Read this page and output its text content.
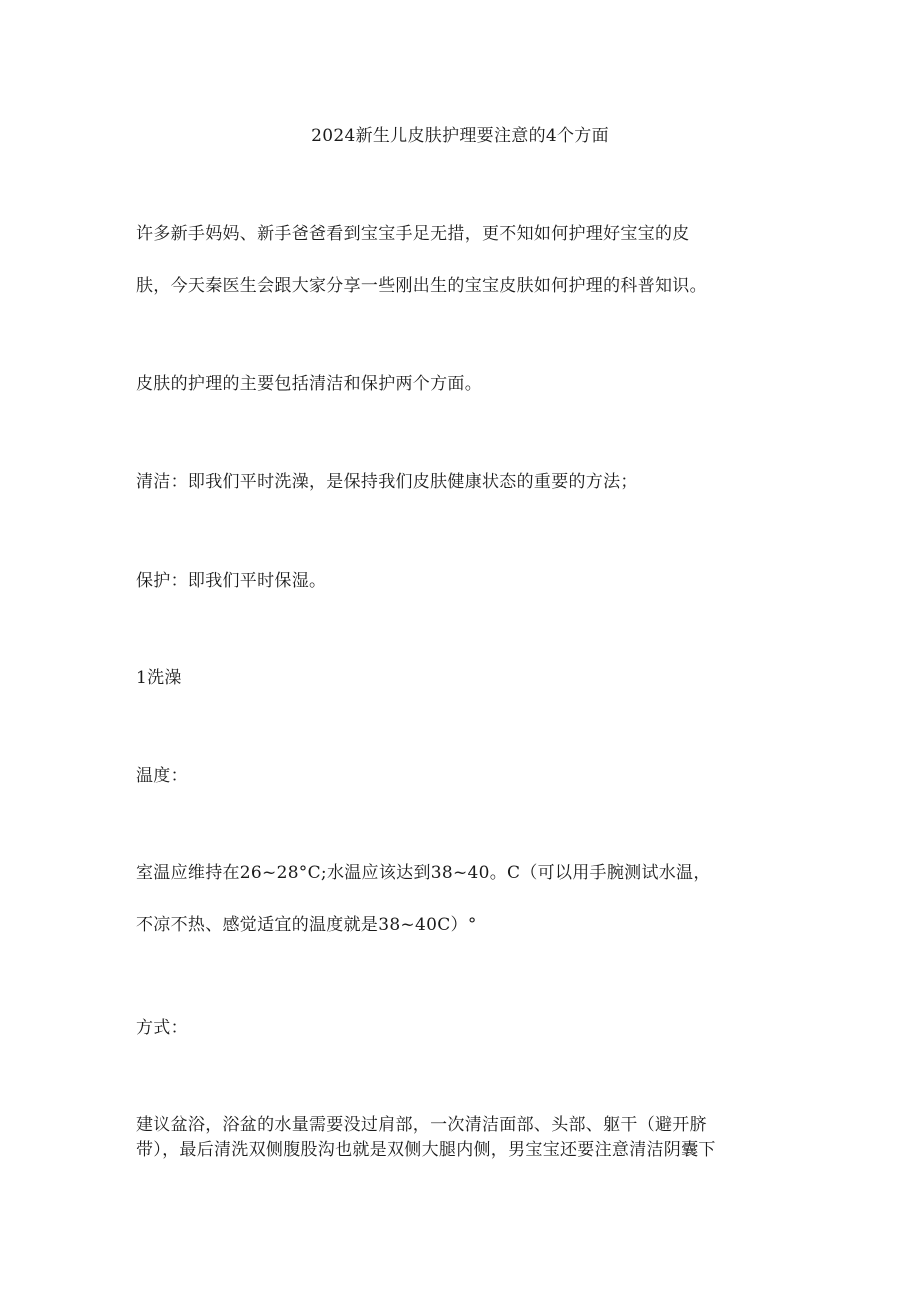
2024新生儿皮肤护理要注意的4个方面
许多新手妈妈、新手爸爸看到宝宝手足无措，更不知如何护理好宝宝的皮
肤，今天秦医生会跟大家分享一些刚出生的宝宝皮肤如何护理的科普知识。
皮肤的护理的主要包括清洁和保护两个方面。
清洁：即我们平时洗澡，是保持我们皮肤健康状态的重要的方法；
保护：即我们平时保湿。
1洗澡
温度：
室温应维持在26~28°C;水温应该达到38~40。C（可以用手腕测试水温，
不凉不热、感觉适宜的温度就是38~40C）°
方式：
建议盆浴，浴盆的水量需要没过肩部，一次清洁面部、头部、躯干（避开脐
带），最后清洗双侧腹股沟也就是双侧大腿内侧，男宝宝还要注意清洁阴囊下
